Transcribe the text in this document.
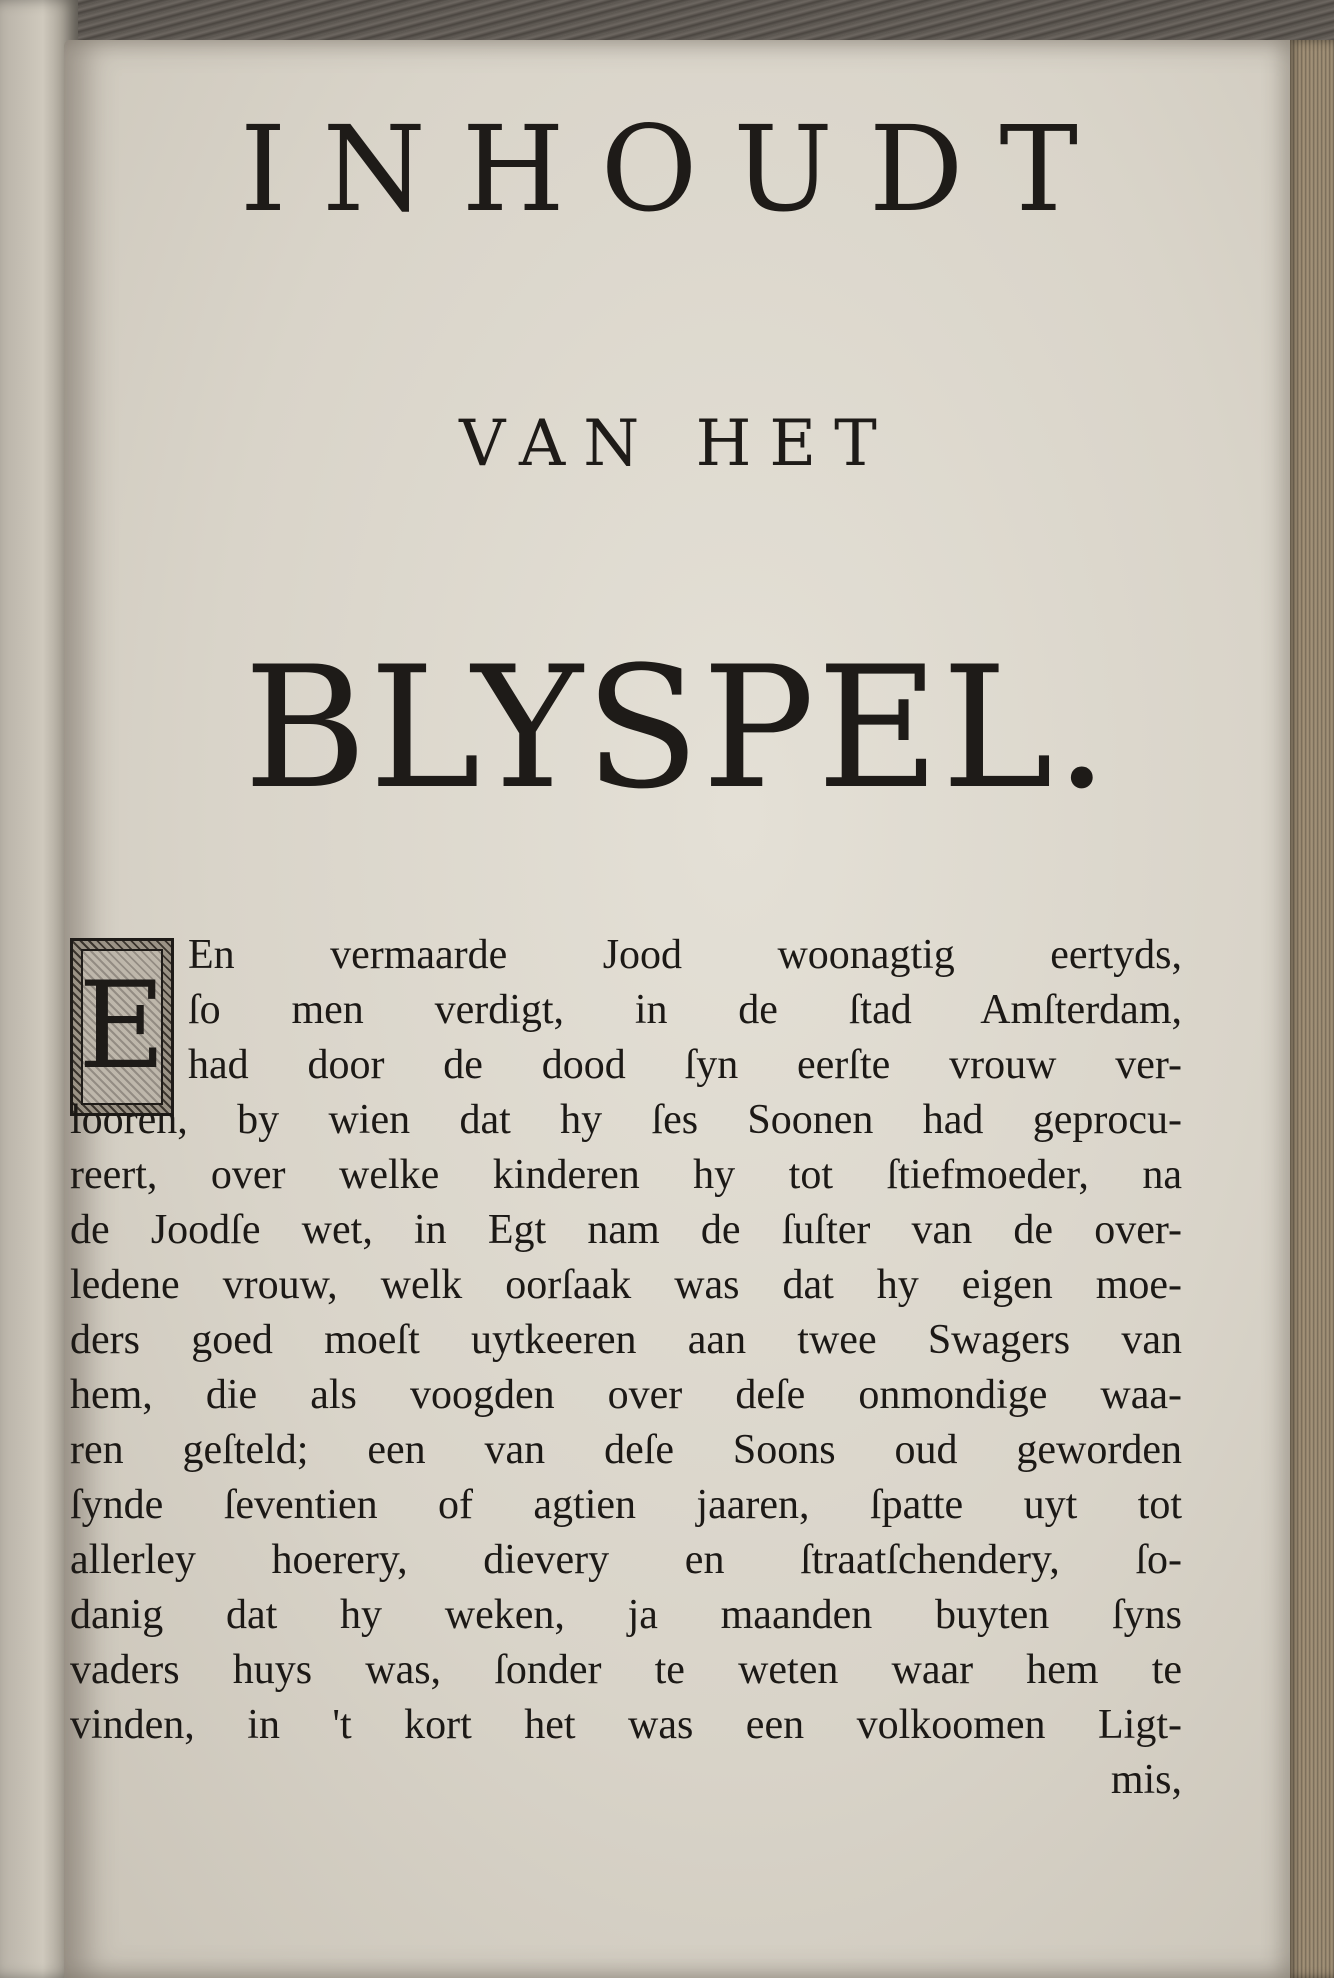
INHOUDT
VAN HET
BLYSPEL.
E
En vermaarde Jood woonagtig eertyds,
ſo men verdigt, in de ſtad Amſterdam,
had door de dood ſyn eerſte vrouw ver-
looren, by wien dat hy ſes Soonen had geprocu-
reert, over welke kinderen hy tot ſtiefmoeder, na
de Joodſe wet, in Egt nam de ſuſter van de over-
ledene vrouw, welk oorſaak was dat hy eigen moe-
ders goed moeſt uytkeeren aan twee Swagers van
hem, die als voogden over deſe onmondige waa-
ren geſteld; een van deſe Soons oud geworden
ſynde ſeventien of agtien jaaren, ſpatte uyt tot
allerley hoerery, dievery en ſtraatſchendery, ſo-
danig dat hy weken, ja maanden buyten ſyns
vaders huys was, ſonder te weten waar hem te
vinden, in 't kort het was een volkoomen Ligt-
mis,
